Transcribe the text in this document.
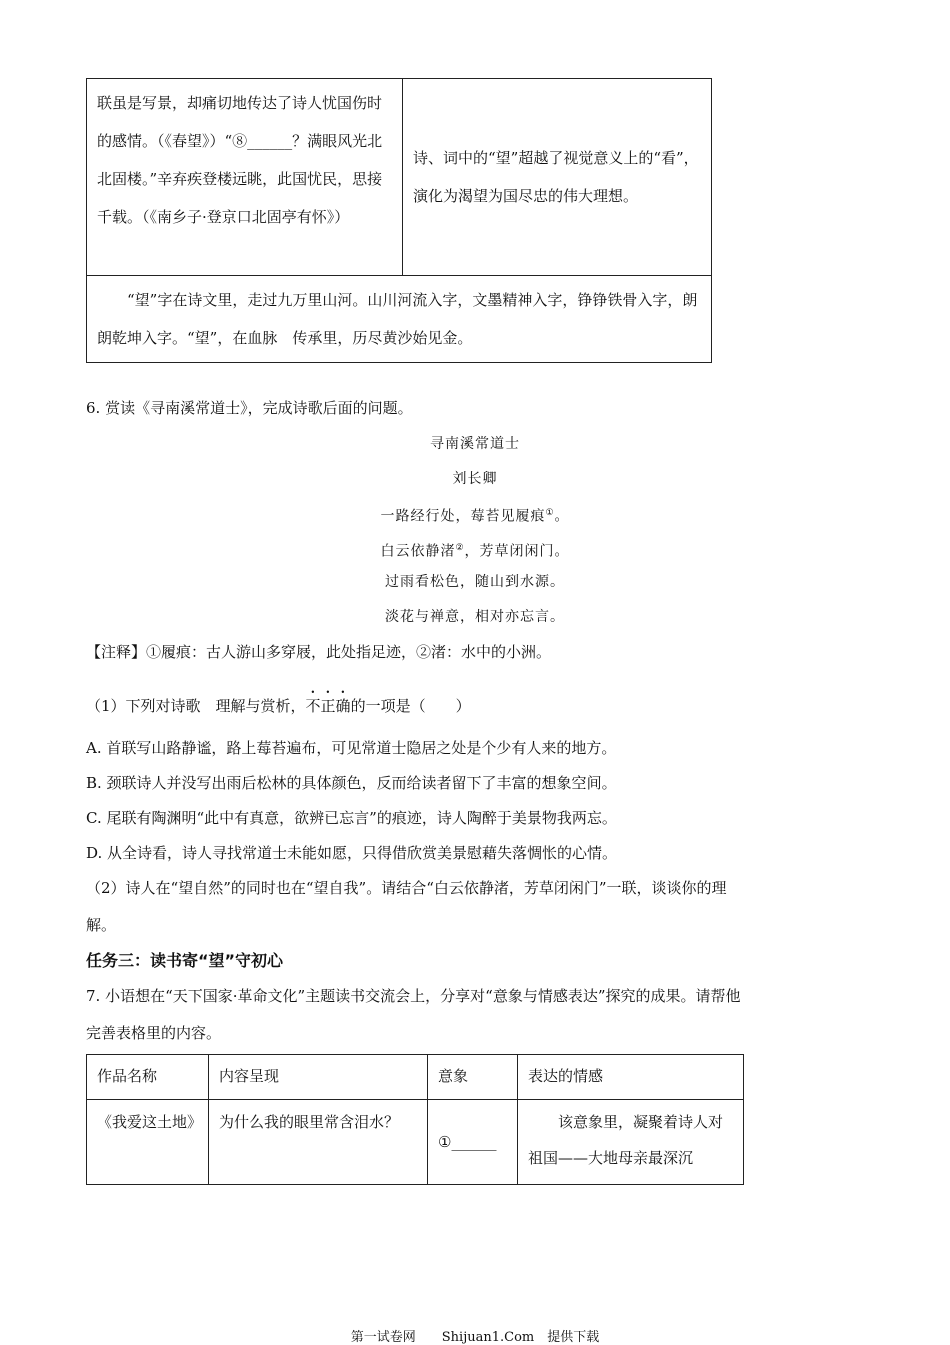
联虽是写景，却痛切地传达了诗人忧国伤时的感情。（《春望》）“⑧______？满眼风光北北固楼。”辛弃疾登楼远眺，此国忧民，思接千载。（《南乡子·登京口北固亭有怀》）	诗、词中的“望”超越了视觉意义上的“看”，演化为渴望为国尽忠的伟大理想。
“望”字在诗文里，走过九万里山河。山川河流入字，文墨精神入字，铮铮铁骨入字，朗朗乾坤入字。“望”，在血脉　传承里，历尽黄沙始见金。
6. 赏读《寻南溪常道士》，完成诗歌后面的问题。
寻南溪常道士
刘长卿
一路经行处，莓苔见履痕①。
白云依静渚②，芳草闭闲门。
过雨看松色，随山到水源。
淡花与禅意，相对亦忘言。
【注释】①履痕：古人游山多穿屐，此处指足迹，②渚：水中的小洲。
（1）下列对诗歌　理解与赏析，不正确的一项是（　　）
A. 首联写山路静谧，路上莓苔遍布，可见常道士隐居之处是个少有人来的地方。
B. 颈联诗人并没写出雨后松林的具体颜色，反而给读者留下了丰富的想象空间。
C. 尾联有陶渊明“此中有真意，欲辨已忘言”的痕迹，诗人陶醉于美景物我两忘。
D. 从全诗看，诗人寻找常道士未能如愿，只得借欣赏美景慰藉失落惆怅的心情。
（2）诗人在“望自然”的同时也在“望自我”。请结合“白云依静渚，芳草闭闲门”一联，谈谈你的理
解。
任务三：读书寄“望”守初心
7. 小语想在“天下国家·革命文化”主题读书交流会上，分享对“意象与情感表达”探究的成果。请帮他
完善表格里的内容。
作品名称	内容呈现	意象	表达的情感
《我爱这土地》	为什么我的眼里常含泪水？	①______	该意象里，凝聚着诗人对祖国——大地母亲最深沉
第一试卷网　　Shijuan1.Com　提供下载
